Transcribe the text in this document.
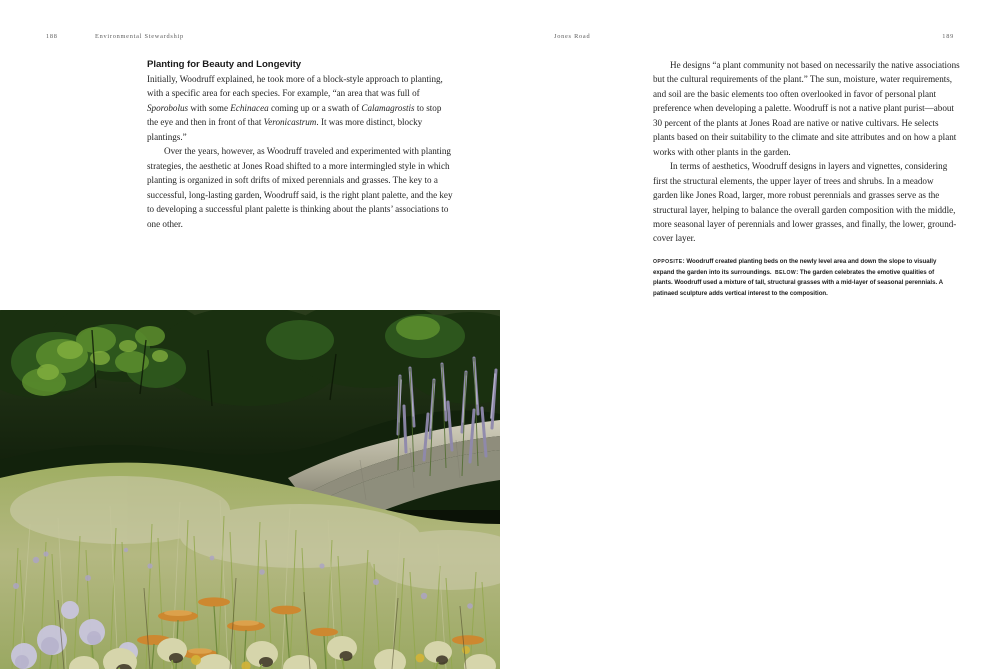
188	Environmental Stewardship
Planting for Beauty and Longevity

Initially, Woodruff explained, he took more of a block-style approach to planting, with a specific area for each species. For example, “an area that was full of Sporobolus with some Echinacea coming up or a swath of Calamagrostis to stop the eye and then in front of that Veronicastrum. It was more distinct, blocky plantings.”

Over the years, however, as Woodruff traveled and experimented with planting strategies, the aesthetic at Jones Road shifted to a more intermingled style in which planting is organized in soft drifts of mixed perennials and grasses. The key to a successful, long-lasting garden, Woodruff said, is the right plant palette, and the key to developing a successful plant palette is thinking about the plants’ associations to one other.

Jones Road	189

He designs “a plant community not based on necessarily the native associations but the cultural requirements of the plant.” The sun, moisture, water requirements, and soil are the basic elements too often overlooked in favor of personal plant preference when developing a palette. Woodruff is not a native plant purist—about 30 percent of the plants at Jones Road are native or native cultivars. He selects plants based on their suitability to the climate and site attributes and on how a plant works with other plants in the garden.

In terms of aesthetics, Woodruff designs in layers and vignettes, considering first the structural elements, the upper layer of trees and shrubs. In a meadow garden like Jones Road, larger, more robust perennials and grasses serve as the structural layer, helping to balance the overall garden composition with the middle, more seasonal layer of perennials and lower grasses, and finally, the lower, ground-cover layer.

OPPOSITE: Woodruff created planting beds on the newly level area and down the slope to visually expand the garden into its surroundings.  BELOW: The garden celebrates the emotive qualities of plants. Woodruff used a mixture of tall, structural grasses with a mid-layer of seasonal perennials. A patinaed sculpture adds vertical interest to the composition.
